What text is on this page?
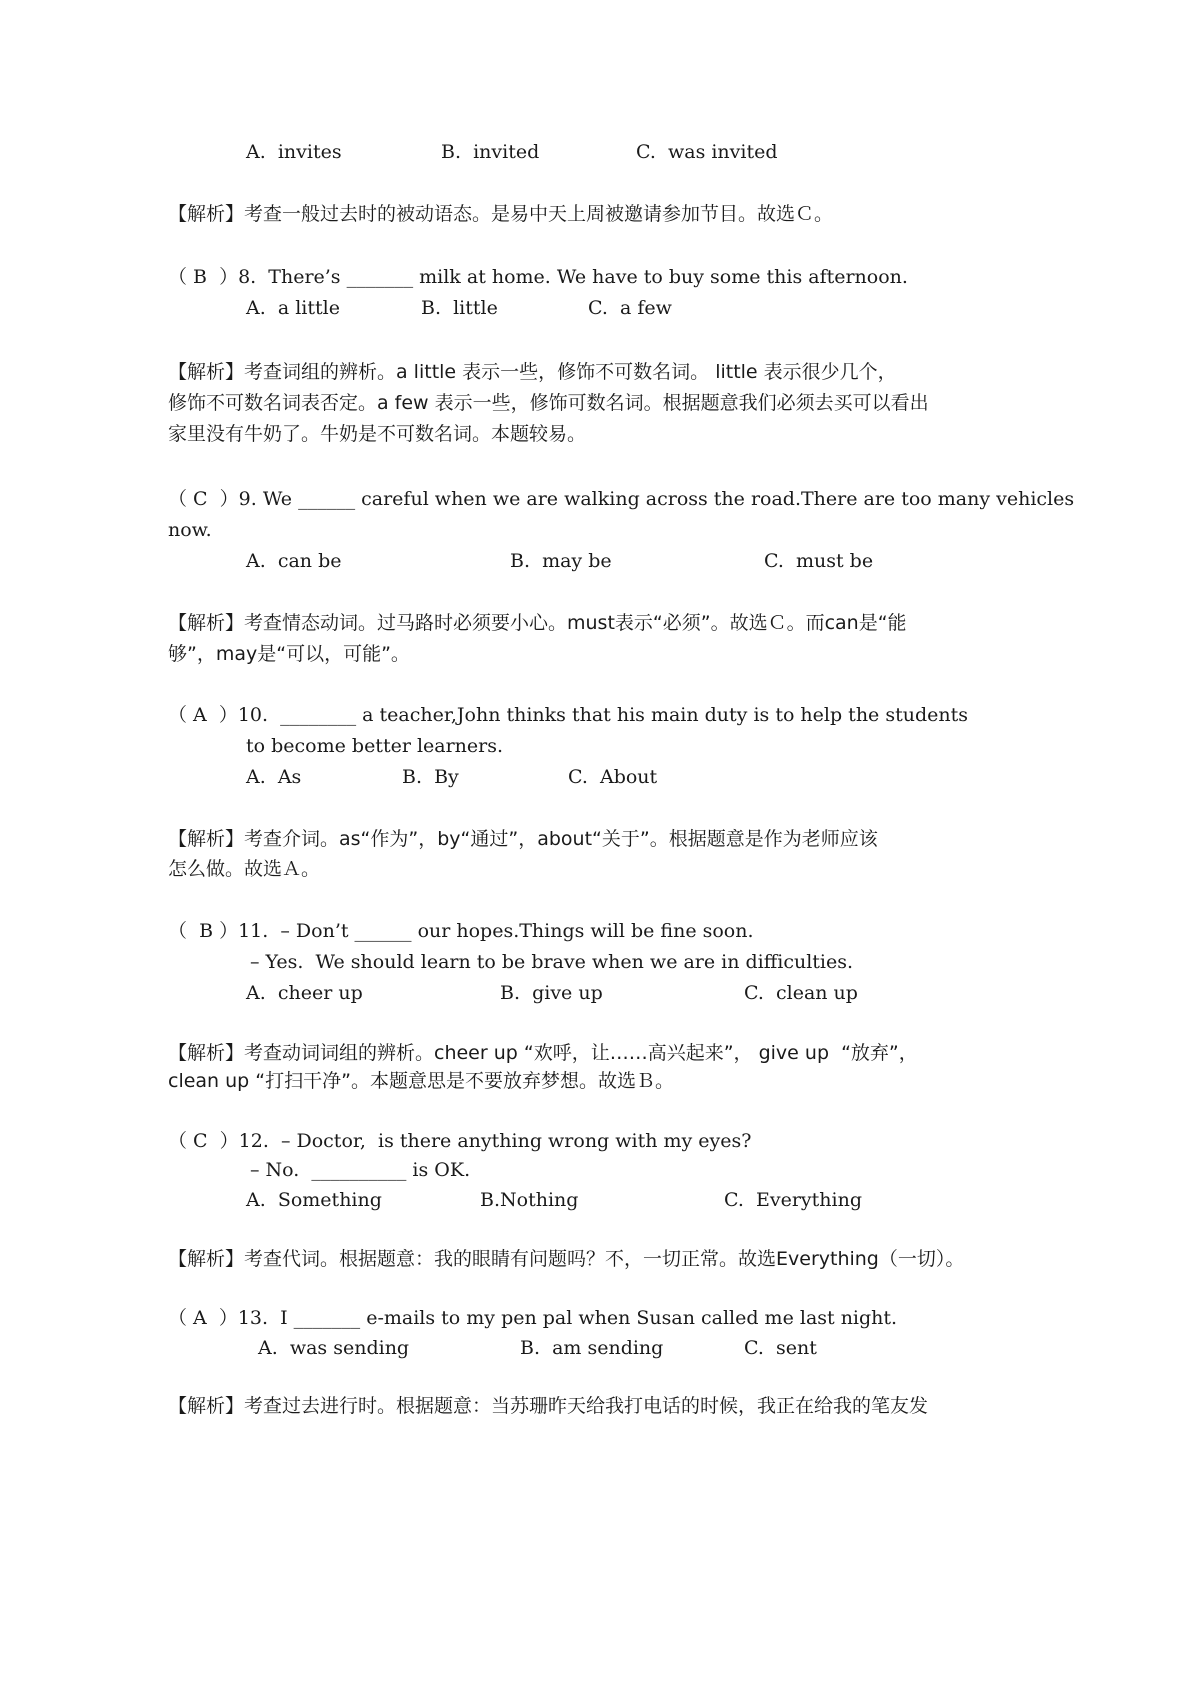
A.  invites	B.  invited	C.  was invited
【解析】考查一般过去时的被动语态。是易中天上周被邀请参加节目。故选Ｃ。
（ B  ）8.  There’s _______ milk at home. We have to buy some this afternoon.
A.  a little	B.  little	C.  a few
【解析】考查词组的辨析。a little 表示一些，修饰不可数名词。 little 表示很少几个，
修饰不可数名词表否定。a few 表示一些，修饰可数名词。根据题意我们必须去买可以看出
家里没有牛奶了。牛奶是不可数名词。本题较易。
（ C  ）9. We ______ careful when we are walking across the road.There are too many vehicles
now.
A.  can be	B.  may be	C.  must be
【解析】考查情态动词。过马路时必须要小心。must表示“必须”。故选Ｃ。而can是“能
够”，may是“可以，可能”。
（ A  ）10.  ________ a teacher,John thinks that his main duty is to help the students
to become better learners.
A.  As	B.  By	C.  About
【解析】考查介词。as“作为”，by“通过”，about“关于”。根据题意是作为老师应该
怎么做。故选Ａ。
（  B ）11.  – Don’t ______ our hopes.Things will be fine soon.
– Yes.  We should learn to be brave when we are in difficulties.
A.  cheer up	B.  give up	C.  clean up
【解析】考查动词词组的辨析。cheer up “欢呼，让……高兴起来”， give up  “放弃”，
clean up “打扫干净”。本题意思是不要放弃梦想。故选Ｂ。
（ C  ）12.  – Doctor,  is there anything wrong with my eyes?
– No.  __________ is OK.
A.  Something	B.Nothing	C.  Everything
【解析】考查代词。根据题意：我的眼睛有问题吗？不，一切正常。故选Everything（一切）。
（ A  ）13.  I _______ e-mails to my pen pal when Susan called me last night.
A.  was sending	B.  am sending	C.  sent
【解析】考查过去进行时。根据题意：当苏珊昨天给我打电话的时候，我正在给我的笔友发
